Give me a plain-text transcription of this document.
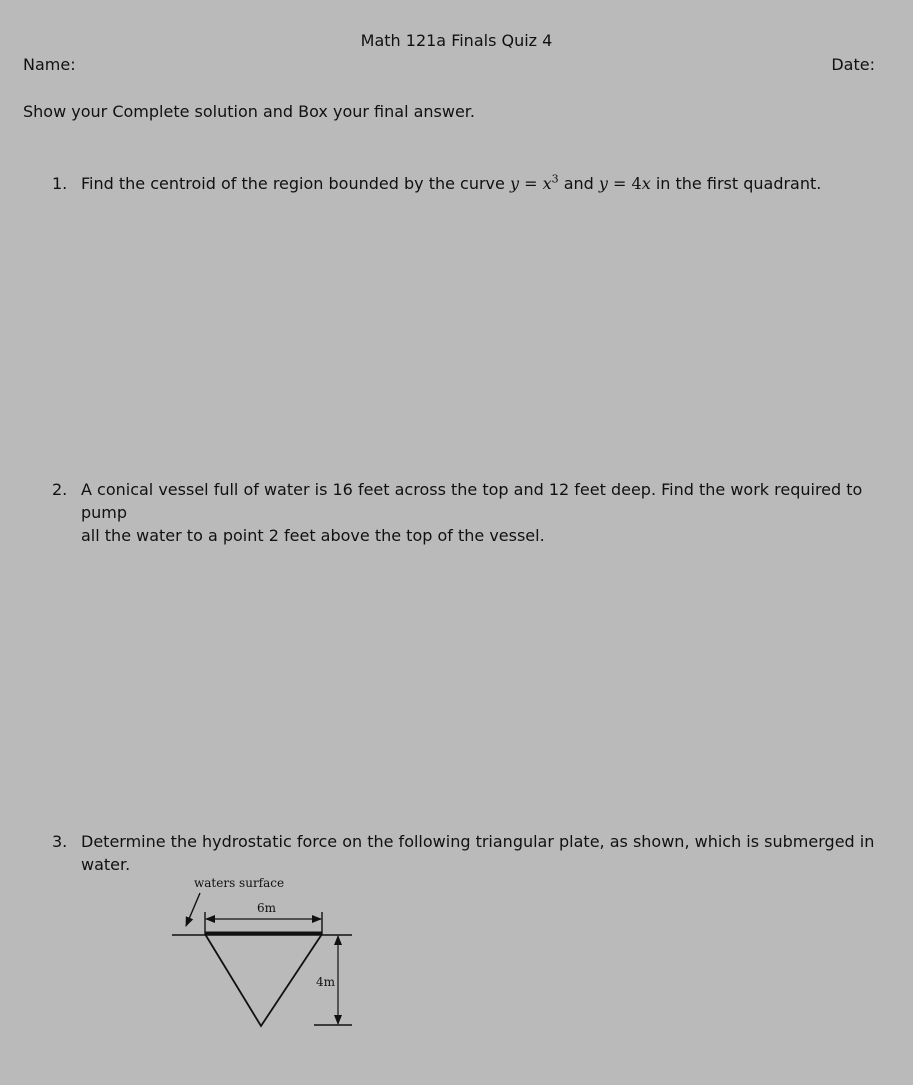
Math 121a Finals Quiz 4
Name:	Date:
Show your Complete solution and Box your final answer.
1. Find the centroid of the region bounded by the curve $y = x^3$ and y = 4x in the first quadrant.
2. A conical vessel full of water is 16 feet across the top and 12 feet deep. Find the work required to pump
all the water to a point 2 feet above the top of the vessel.
3. Determine the hydrostatic force on the following triangular plate, as shown, which is submerged in
water.
waters surface
6m
4m
